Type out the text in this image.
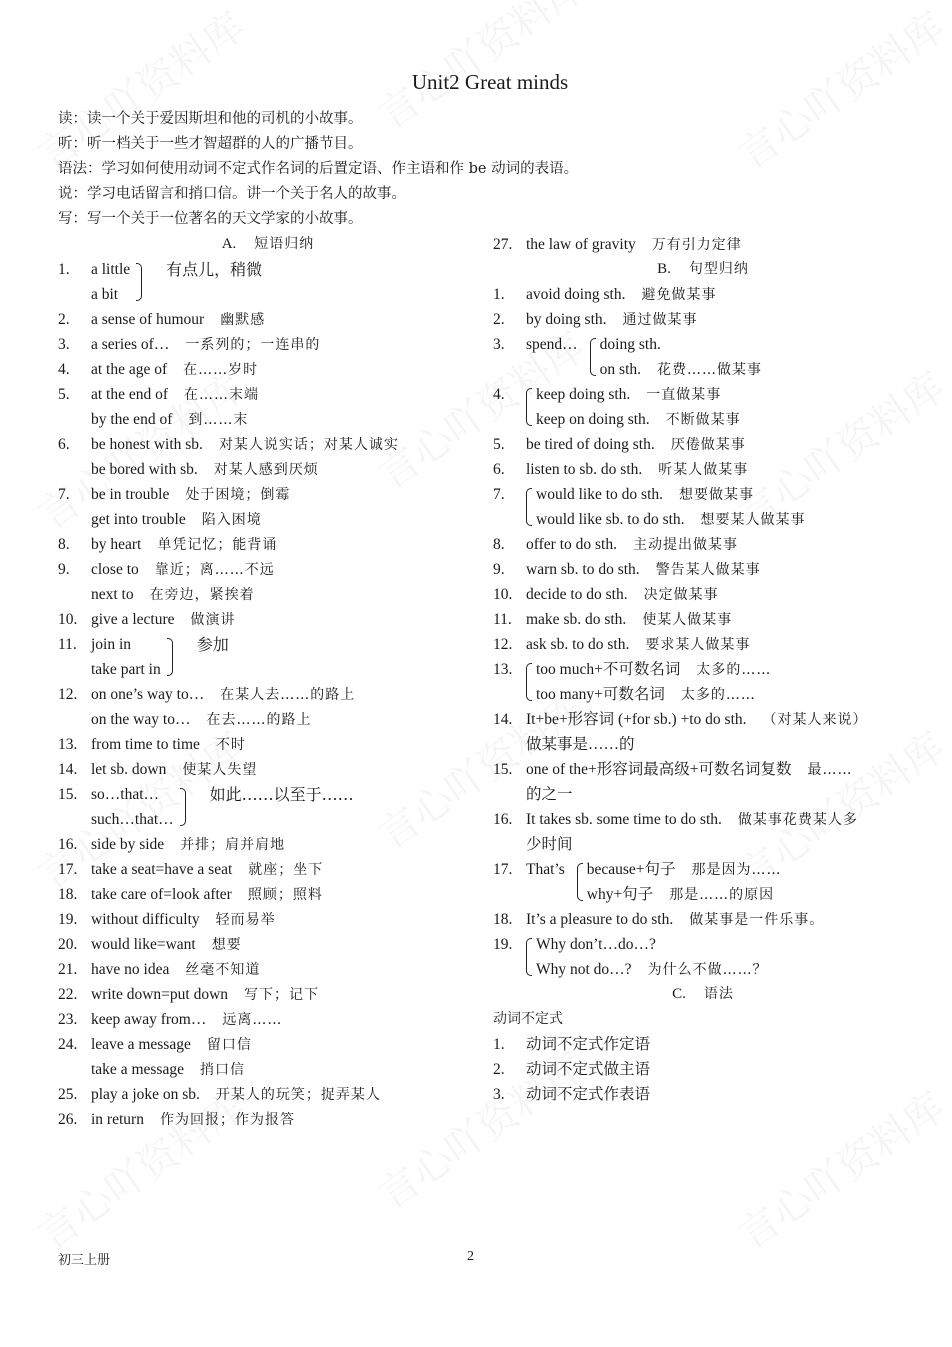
Unit2 Great minds
读：读一个关于爱因斯坦和他的司机的小故事。
听：听一档关于一些才智超群的人的广播节目。
语法：学习如何使用动词不定式作名词的后置定语、作主语和作 be 动词的表语。
说：学习电话留言和捎口信。讲一个关于名人的故事。
写：写一个关于一位著名的天文学家的小故事。
A. 短语归纳
1. a little
a bit
有点儿，稍微
2. a sense of humour 幽默感
3. a series of… 一系列的；一连串的
4. at the age of 在……岁时
5. at the end of 在……末端
by the end of 到……末
6. be honest with sb. 对某人说实话；对某人诚实
be bored with sb. 对某人感到厌烦
7. be in trouble 处于困境；倒霉
get into trouble 陷入困境
8. by heart 单凭记忆；能背诵
9. close to 靠近；离……不远
next to 在旁边，紧挨着
10. give a lecture 做演讲
11. join in
take part in
参加
12. on one’s way to… 在某人去……的路上
on the way to… 在去……的路上
13. from time to time 不时
14. let sb. down 使某人失望
15. so…that…
such…that…
如此……以至于……
16. side by side 并排；肩并肩地
17. take a seat=have a seat 就座；坐下
18. take care of=look after 照顾；照料
19. without difficulty 轻而易举
20. would like=want 想要
21. have no idea 丝毫不知道
22. write down=put down 写下；记下
23. keep away from… 远离……
24. leave a message 留口信
take a message 捎口信
25. play a joke on sb. 开某人的玩笑；捉弄某人
26. in return 作为回报；作为报答
27. the law of gravity 万有引力定律
B. 句型归纳
1. avoid doing sth. 避免做某事
2. by doing sth. 通过做某事
3. spend… doing sth.
on sth. 花费……做某事
4. keep doing sth. 一直做某事
keep on doing sth. 不断做某事
5. be tired of doing sth. 厌倦做某事
6. listen to sb. do sth. 听某人做某事
7. would like to do sth. 想要做某事
would like sb. to do sth. 想要某人做某事
8. offer to do sth. 主动提出做某事
9. warn sb. to do sth. 警告某人做某事
10. decide to do sth. 决定做某事
11. make sb. do sth. 使某人做某事
12. ask sb. to do sth. 要求某人做某事
13. too much+不可数名词 太多的……
too many+可数名词 太多的……
14. It+be+形容词 (+for sb.) +to do sth. （对某人来说）
做某事是……的
15. one of the+形容词最高级+可数名词复数 最……
的之一
16. It takes sb. some time to do sth. 做某事花费某人多
少时间
17. That’s because+句子 那是因为……
why+句子 那是……的原因
18. It’s a pleasure to do sth. 做某事是一件乐事。
19. Why don’t…do…?
Why not do…? 为什么不做……？
C. 语法
动词不定式
1. 动词不定式作定语
2. 动词不定式做主语
3. 动词不定式作表语
初三上册	2
